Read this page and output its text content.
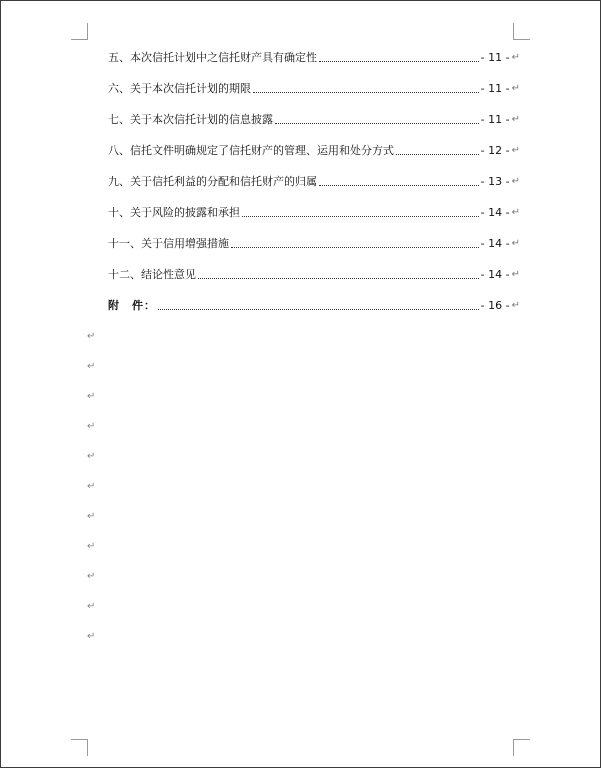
五、本次信托计划中之信托财产具有确定性	- 11 - ↵
六、关于本次信托计划的期限	- 11 - ↵
七、关于本次信托计划的信息披露	- 11 - ↵
八、信托文件明确规定了信托财产的管理、运用和处分方式	- 12 - ↵
九、关于信托利益的分配和信托财产的归属	- 13 - ↵
十、关于风险的披露和承担	- 14 - ↵
十一、关于信用增强措施	- 14 - ↵
十二、结论性意见	- 14 - ↵
附 件：	- 16 - ↵
↵
↵
↵
↵
↵
↵
↵
↵
↵
↵
↵
